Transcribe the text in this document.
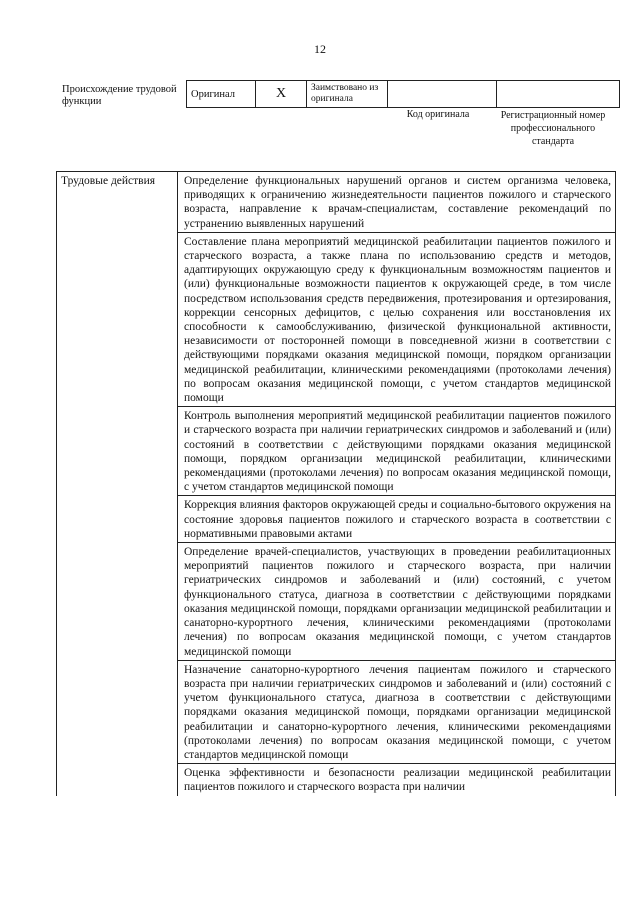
12
Происхождение трудовой функции
Оригинал	X	Заимствовано из оригинала		
Код оригинала	Регистрационный номер профессионального стандарта
Трудовые действия	Определение функциональных нарушений органов и систем организма человека, приводящих к ограничению жизнедеятельности пациентов пожилого и старческого возраста, направление к врачам-специалистам, составление рекомендаций по устранению выявленных нарушений
Составление плана мероприятий медицинской реабилитации пациентов пожилого и старческого возраста, а также плана по использованию средств и методов, адаптирующих окружающую среду к функциональным возможностям пациентов и (или) функциональные возможности пациентов к окружающей среде, в том числе посредством использования средств передвижения, протезирования и ортезирования, коррекции сенсорных дефицитов, с целью сохранения или восстановления их способности к самообслуживанию, физической функциональной активности, независимости от посторонней помощи в повседневной жизни в соответствии с действующими порядками оказания медицинской помощи, порядком организации медицинской реабилитации, клиническими рекомендациями (протоколами лечения) по вопросам оказания медицинской помощи, с учетом стандартов медицинской помощи
Контроль выполнения мероприятий медицинской реабилитации пациентов пожилого и старческого возраста при наличии гериатрических синдромов и заболеваний и (или) состояний в соответствии с действующими порядками оказания медицинской помощи, порядком организации медицинской реабилитации, клиническими рекомендациями (протоколами лечения) по вопросам оказания медицинской помощи, с учетом стандартов медицинской помощи
Коррекция влияния факторов окружающей среды и социально-бытового окружения на состояние здоровья пациентов пожилого и старческого возраста в соответствии с нормативными правовыми актами
Определение врачей-специалистов, участвующих в проведении реабилитационных мероприятий пациентов пожилого и старческого возраста, при наличии гериатрических синдромов и заболеваний и (или) состояний, с учетом функционального статуса, диагноза в соответствии с действующими порядками оказания медицинской помощи, порядками организации медицинской реабилитации и санаторно-курортного лечения, клиническими рекомендациями (протоколами лечения) по вопросам оказания медицинской помощи, с учетом стандартов медицинской помощи
Назначение санаторно-курортного лечения пациентам пожилого и старческого возраста при наличии гериатрических синдромов и заболеваний и (или) состояний с учетом функционального статуса, диагноза в соответствии с действующими порядками оказания медицинской помощи, порядками организации медицинской реабилитации и санаторно-курортного лечения, клиническими рекомендациями (протоколами лечения) по вопросам оказания медицинской помощи, с учетом стандартов медицинской помощи
Оценка эффективности и безопасности реализации медицинской реабилитации пациентов пожилого и старческого возраста при наличии
